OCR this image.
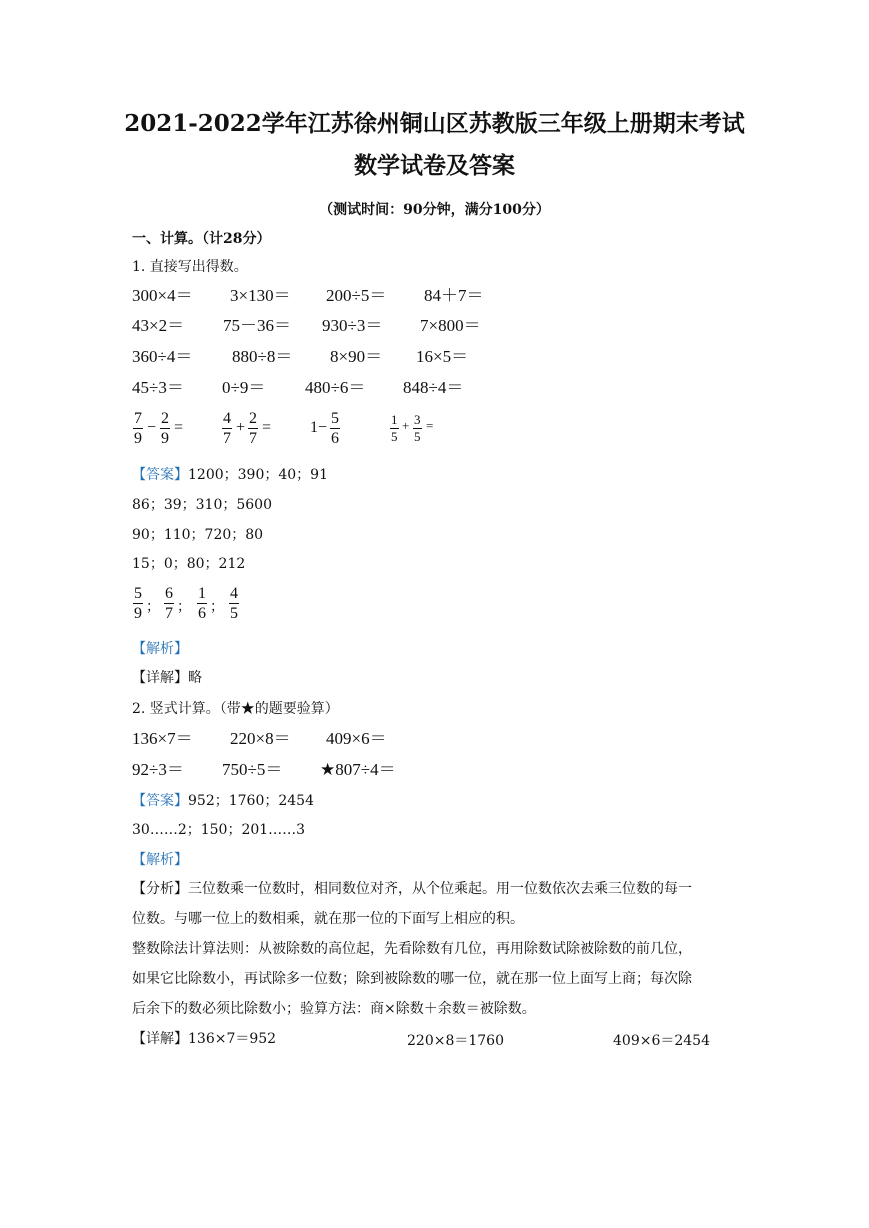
2021-2022学年江苏徐州铜山区苏教版三年级上册期末考试
数学试卷及答案
（测试时间：90分钟，满分100分）
一、计算。（计28分）
1. 直接写出得数。
300×4＝ 3×130＝ 200÷5＝ 84＋7＝
43×2＝ 75－36＝ 930÷3＝ 7×800＝
360÷4＝ 880÷8＝ 8×90＝ 16×5＝
45÷3＝ 0÷9＝ 480÷6＝ 848÷4＝
7
9
−
2
9
=
4
7
+
2
7
= 1−
5
6
1
5
+ 3
5
=
【答案】1200；390；40；91
86；39；310；5600
90；110；720；80
15；0；80；212
5
9 ；
6
7 ；
1
6 ；
4
5
【解析】
【详解】略
2. 竖式计算。（带★的题要验算）
136×7＝ 220×8＝ 409×6＝
92÷3＝ 750÷5＝ ★807÷4＝
【答案】952；1760；2454
30……2；150；201……3
【解析】
【分析】三位数乘一位数时，相同数位对齐，从个位乘起。用一位数依次去乘三位数的每一
位数。与哪一位上的数相乘，就在那一位的下面写上相应的积。
整数除法计算法则：从被除数的高位起，先看除数有几位，再用除数试除被除数的前几位，
如果它比除数小，再试除多一位数；除到被除数的哪一位，就在那一位上面写上商；每次除
后余下的数必须比除数小；验算方法：商×除数＋余数＝被除数。
【详解】136×7＝952	220×8＝1760	409×6＝2454
